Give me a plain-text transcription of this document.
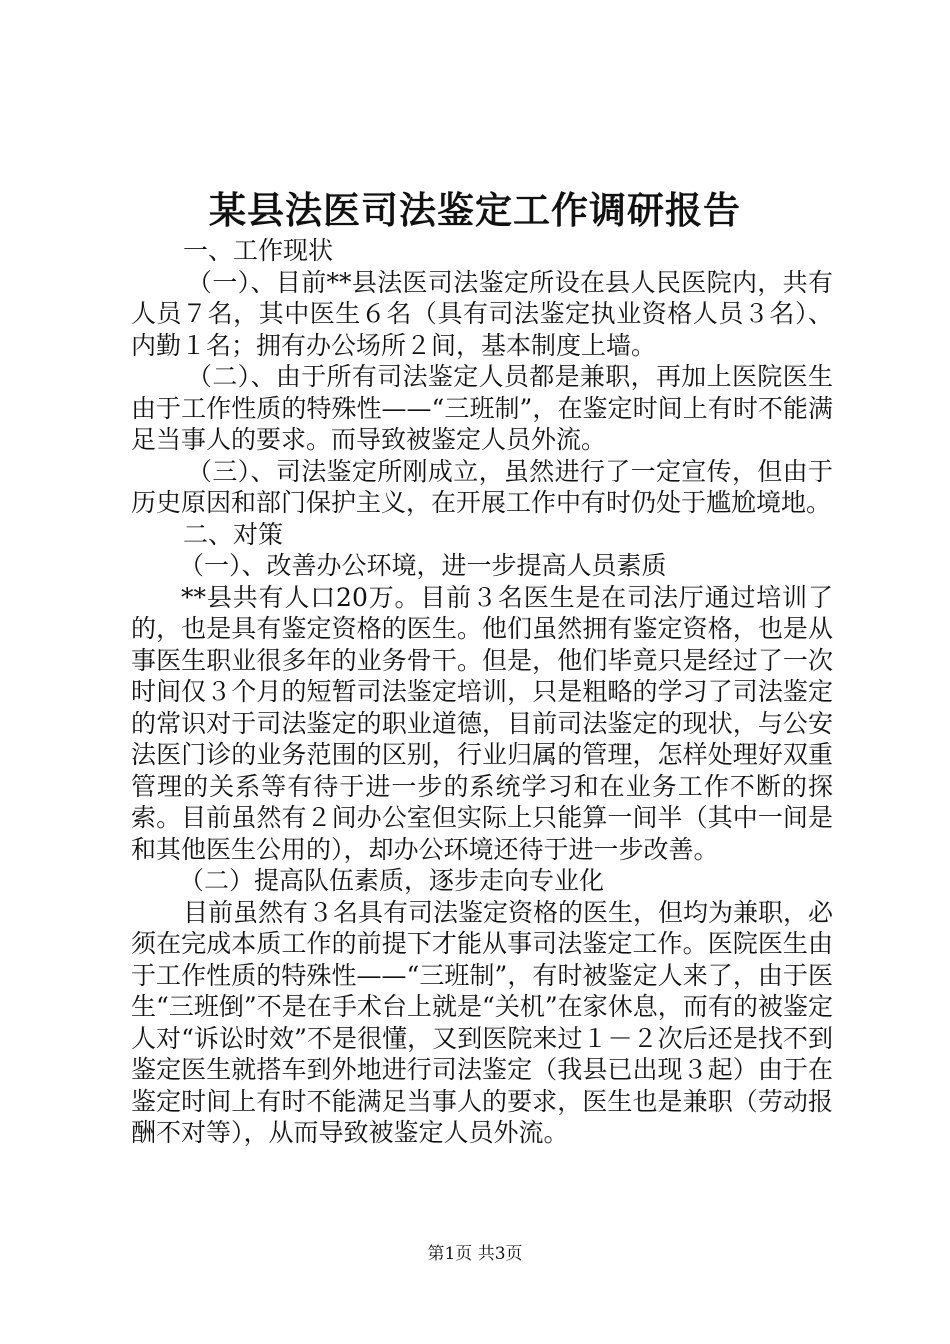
某县法医司法鉴定工作调研报告

一、工作现状

（一）、目前**县法医司法鉴定所设在县人民医院内，共有人员７名，其中医生６名（具有司法鉴定执业资格人员３名）、内勤１名；拥有办公场所２间，基本制度上墙。

（二）、由于所有司法鉴定人员都是兼职，再加上医院医生由于工作性质的特殊性——“三班制”，在鉴定时间上有时不能满足当事人的要求。而导致被鉴定人员外流。

（三）、司法鉴定所刚成立，虽然进行了一定宣传，但由于历史原因和部门保护主义，在开展工作中有时仍处于尴尬境地。

二、对策

（一）、改善办公环境，进一步提高人员素质

**县共有人口20万。目前３名医生是在司法厅通过培训了的，也是具有鉴定资格的医生。他们虽然拥有鉴定资格，也是从事医生职业很多年的业务骨干。但是，他们毕竟只是经过了一次时间仅３个月的短暂司法鉴定培训，只是粗略的学习了司法鉴定的常识对于司法鉴定的职业道德，目前司法鉴定的现状，与公安法医门诊的业务范围的区别，行业归属的管理，怎样处理好双重管理的关系等有待于进一步的系统学习和在业务工作不断的探索。目前虽然有２间办公室但实际上只能算一间半（其中一间是和其他医生公用的），却办公环境还待于进一步改善。

（二）提高队伍素质，逐步走向专业化

目前虽然有３名具有司法鉴定资格的医生，但均为兼职，必须在完成本质工作的前提下才能从事司法鉴定工作。医院医生由于工作性质的特殊性——“三班制”，有时被鉴定人来了，由于医生“三班倒”不是在手术台上就是“关机”在家休息，而有的被鉴定人对“诉讼时效”不是很懂，又到医院来过１－２次后还是找不到鉴定医生就搭车到外地进行司法鉴定（我县已出现３起）由于在鉴定时间上有时不能满足当事人的要求，医生也是兼职（劳动报酬不对等），从而导致被鉴定人员外流。

第1页 共3页
